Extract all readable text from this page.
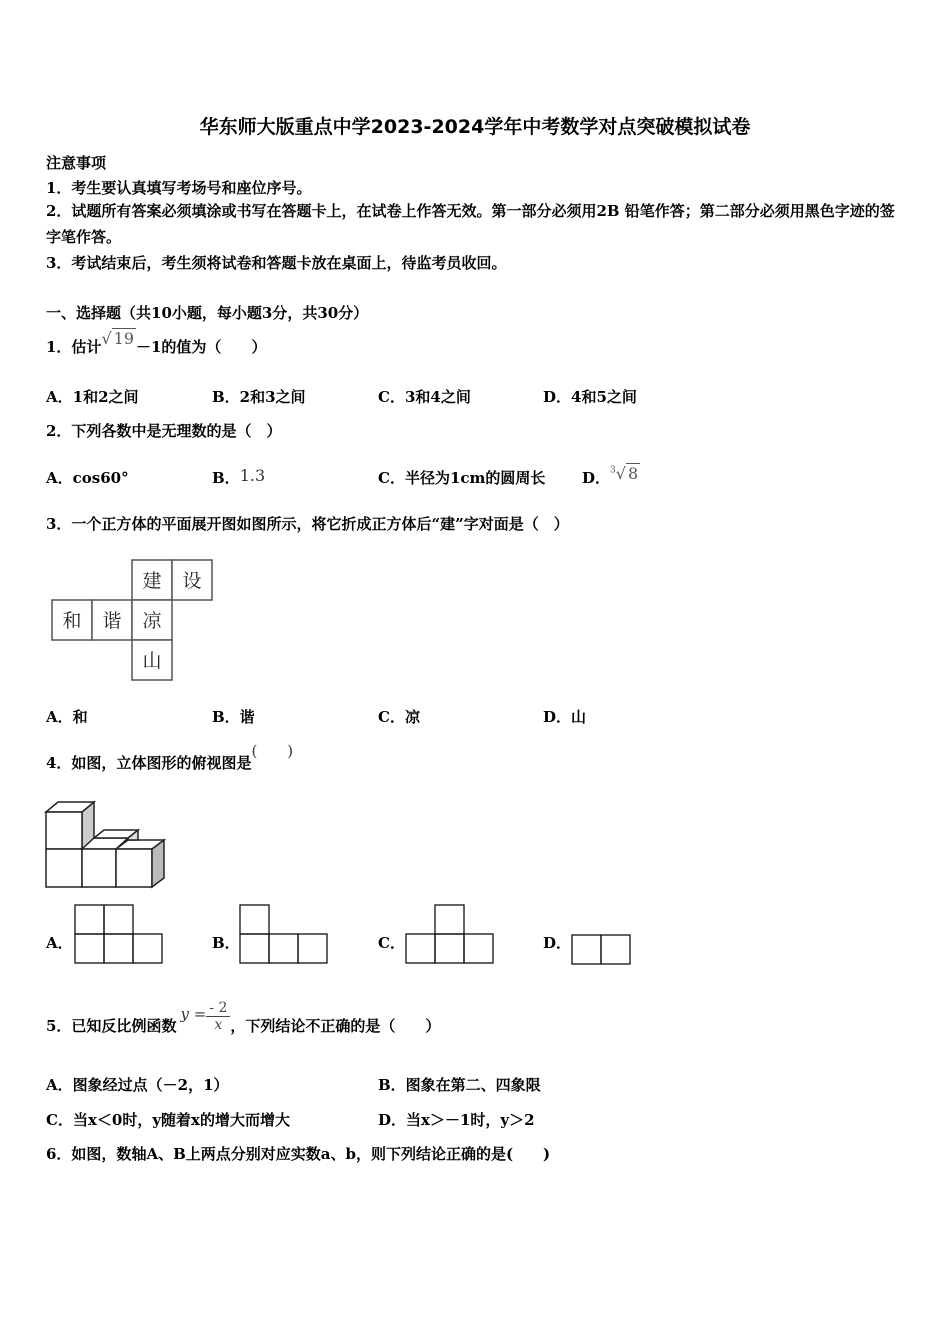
华东师大版重点中学2023-2024学年中考数学对点突破模拟试卷
注意事项
1．考生要认真填写考场号和座位序号。
2．试题所有答案必须填涂或书写在答题卡上，在试卷上作答无效。第一部分必须用2B 铅笔作答；第二部分必须用黑色字迹的签字笔作答。
3．考试结束后，考生须将试卷和答题卡放在桌面上，待监考员收回。
一、选择题（共10小题，每小题3分，共30分）
1．估计√ 19 －1的值为（　　）
A．1和2之间	B．2和3之间	C．3和4之间	D．4和5之间
2．下列各数中是无理数的是（　）
A．cos60°	B．1.3	C．半径为1cm的圆周长 D．$^3$√ 8
3．一个正方体的平面展开图如图所示，将它折成正方体后“建”字对面是（　）
建 设
和 谐 凉
山
A．和	B．谐	C．凉	D．山
4．如图，立体图形的俯视图是(　　)
A．	B．	C．	D．
5．已知反比例函数$y = \frac{- 2}{x}$ ，下列结论不正确的是（　　）
A．图象经过点（－2，1）	B．图象在第二、四象限
C．当x＜0时，y随着x的增大而增大	D．当x＞－1时，y＞2
6．如图，数轴A、B上两点分别对应实数a、b，则下列结论正确的是(　　)
